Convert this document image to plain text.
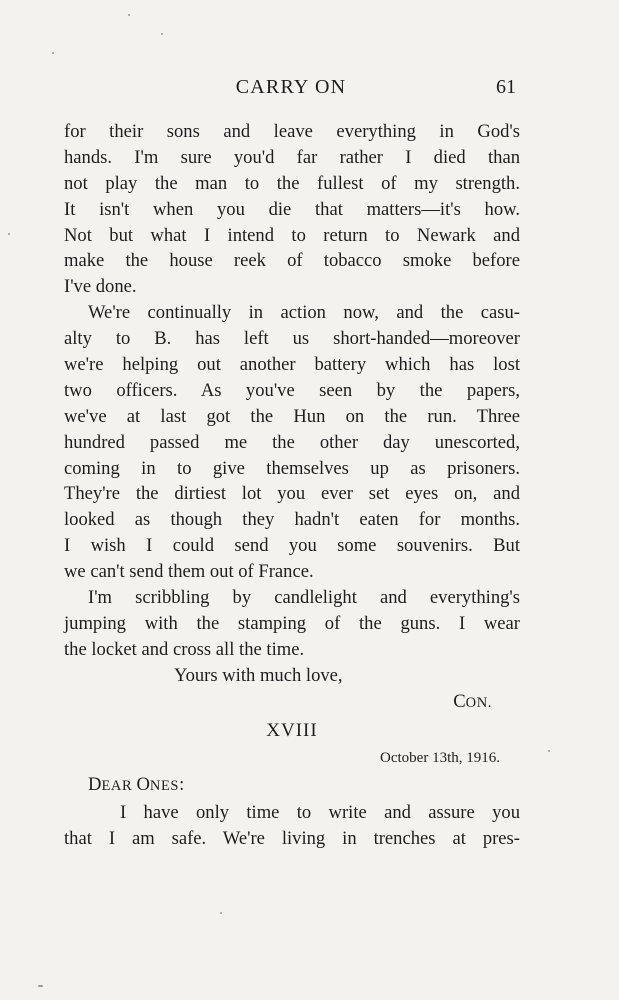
CARRY ON	61
for their sons and leave everything in God's
hands. I'm sure you'd far rather I died than
not play the man to the fullest of my strength.
It isn't when you die that matters—it's how.
Not but what I intend to return to Newark and
make the house reek of tobacco smoke before
I've done.
We're continually in action now, and the casu-
alty to B. has left us short-handed—moreover
we're helping out another battery which has lost
two officers. As you've seen by the papers,
we've at last got the Hun on the run. Three
hundred passed me the other day unescorted,
coming in to give themselves up as prisoners.
They're the dirtiest lot you ever set eyes on, and
looked as though they hadn't eaten for months.
I wish I could send you some souvenirs. But
we can't send them out of France.
I'm scribbling by candlelight and everything's
jumping with the stamping of the guns. I wear
the locket and cross all the time.
Yours with much love,
CON.
XVIII
October 13th, 1916.
DEAR ONES:
I have only time to write and assure you
that I am safe. We're living in trenches at pres-
